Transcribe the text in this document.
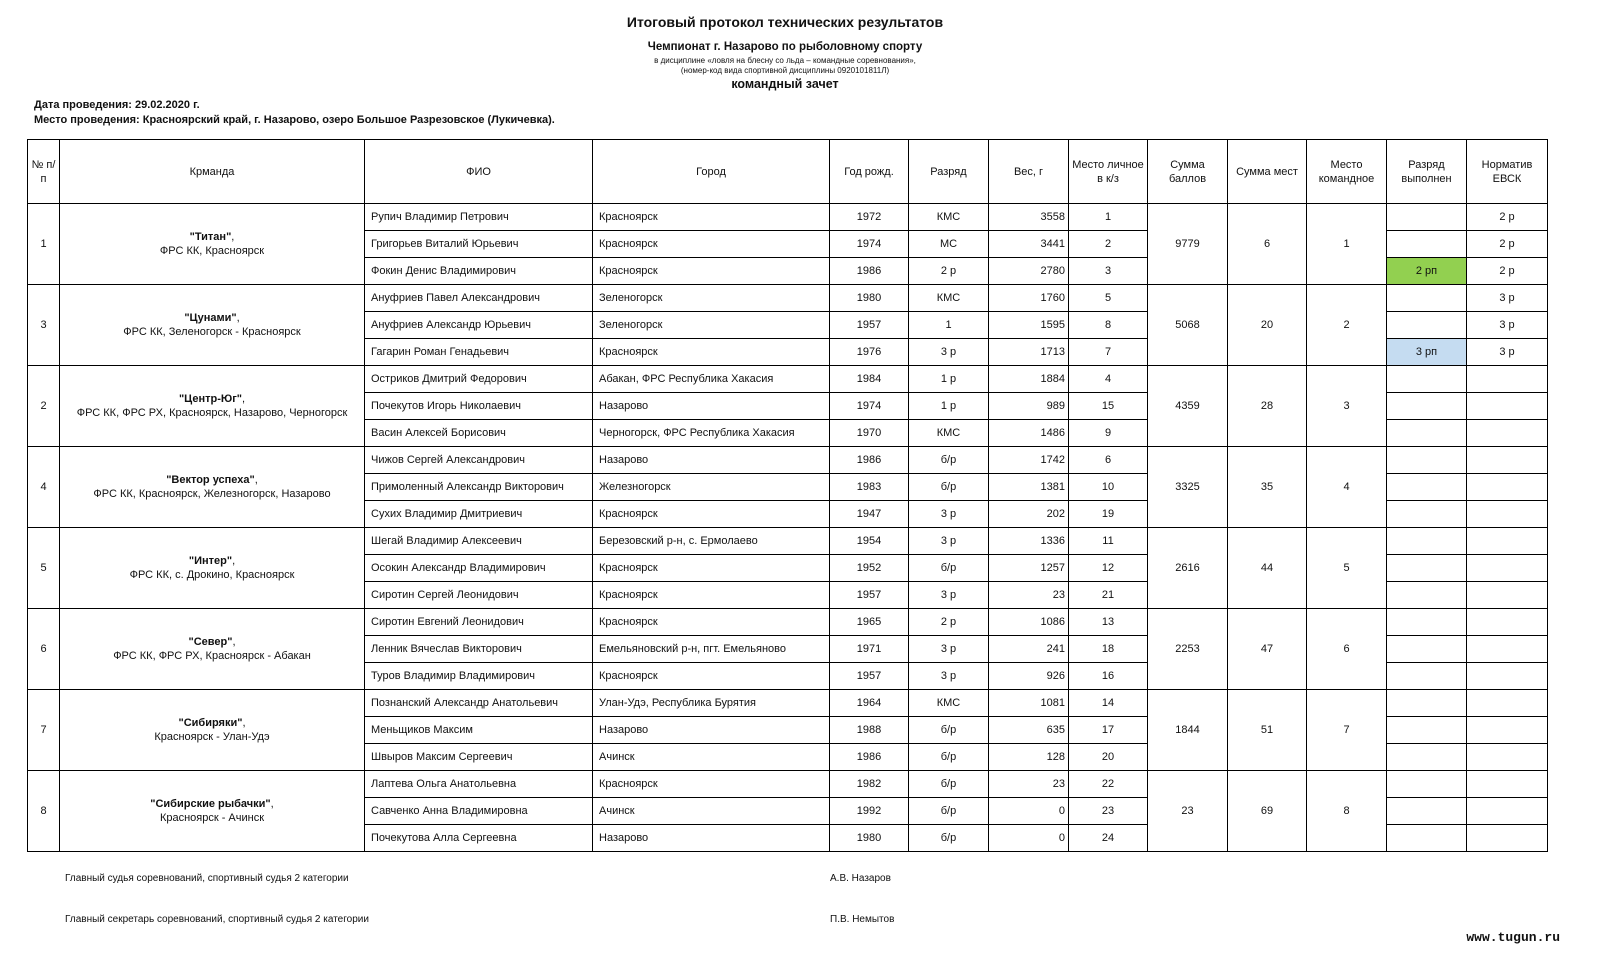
Итоговый протокол технических результатов
Чемпионат г. Назарово по рыболовному спорту
в дисциплине «ловля на блесну со льда – командные соревнования»,
(номер-код вида спортивной дисциплины 0920101811Л)
командный зачет
Дата проведения: 29.02.2020 г.
Место проведения: Красноярский край, г. Назарово, озеро Большое Разрезовское (Лукичевка).
№ п/п	Крманда	ФИО	Город	Год рожд.	Разряд	Вес, г	Место личное в к/з	Сумма баллов	Сумма мест	Место командное	Разряд выполнен	Норматив ЕВСК
1	"Титан",
ФРС КК, Красноярск	Рупич Владимир Петрович	Красноярск	1972	КМС	3558	1	9779	6	1		2 р
		Григорьев Виталий Юрьевич	Красноярск	1974	МС	3441	2					2 р
		Фокин Денис Владимирович	Красноярск	1986	2 р	2780	3				2 рп	2 р
3	"Цунами",
ФРС КК, Зеленогорск - Красноярск	Ануфриев Павел Александрович	Зеленогорск	1980	КМС	1760	5	5068	20	2		3 р
		Ануфриев Александр Юрьевич	Зеленогорск	1957	1	1595	8					3 р
		Гагарин Роман Генадьевич	Красноярск	1976	3 р	1713	7				3 рп	3 р
2	"Центр-Юг",
ФРС КК, ФРС РХ, Красноярск, Назарово, Черногорск	Остриков Дмитрий Федорович	Абакан, ФРС Республика Хакасия	1984	1 р	1884	4	4359	28	3		
		Почекутов Игорь Николаевич	Назарово	1974	1 р	989	15					
		Васин Алексей Борисович	Черногорск, ФРС Республика Хакасия	1970	КМС	1486	9					
4	"Вектор успеха",
ФРС КК, Красноярск, Железногорск, Назарово	Чижов Сергей Александрович	Назарово	1986	б/р	1742	6	3325	35	4		
		Примоленный Александр Викторович	Железногорск	1983	б/р	1381	10					
		Сухих Владимир Дмитриевич	Красноярск	1947	3 р	202	19					
5	"Интер",
ФРС КК, с. Дрокино, Красноярск	Шегай Владимир Алексеевич	Березовский р-н, с. Ермолаево	1954	3 р	1336	11	2616	44	5		
		Осокин Александр Владимирович	Красноярск	1952	б/р	1257	12					
		Сиротин Сергей Леонидович	Красноярск	1957	3 р	23	21					
6	"Север",
ФРС КК, ФРС РХ, Красноярск - Абакан	Сиротин Евгений Леонидович	Красноярск	1965	2 р	1086	13	2253	47	6		
		Ленник Вячеслав Викторович	Емельяновский р-н, пгт. Емельяново	1971	3 р	241	18					
		Туров Владимир Владимирович	Красноярск	1957	3 р	926	16					
7	"Сибиряки",
Красноярск - Улан-Удэ	Познанский Александр Анатольевич	Улан-Удэ, Республика Бурятия	1964	КМС	1081	14	1844	51	7		
		Меньщиков Максим	Назарово	1988	б/р	635	17					
		Швыров Максим Сергеевич	Ачинск	1986	б/р	128	20					
8	"Сибирские рыбачки",
Красноярск - Ачинск	Лаптева Ольга Анатольевна	Красноярск	1982	б/р	23	22	23	69	8		
		Савченко Анна Владимировна	Ачинск	1992	б/р	0	23					
		Почекутова Алла Сергеевна	Назарово	1980	б/р	0	24					
Главный судья соревнований, спортивный судья 2 категории	А.В. Назаров
Главный секретарь соревнований, спортивный судья 2 категории	П.В. Немытов
www.tugun.ru
